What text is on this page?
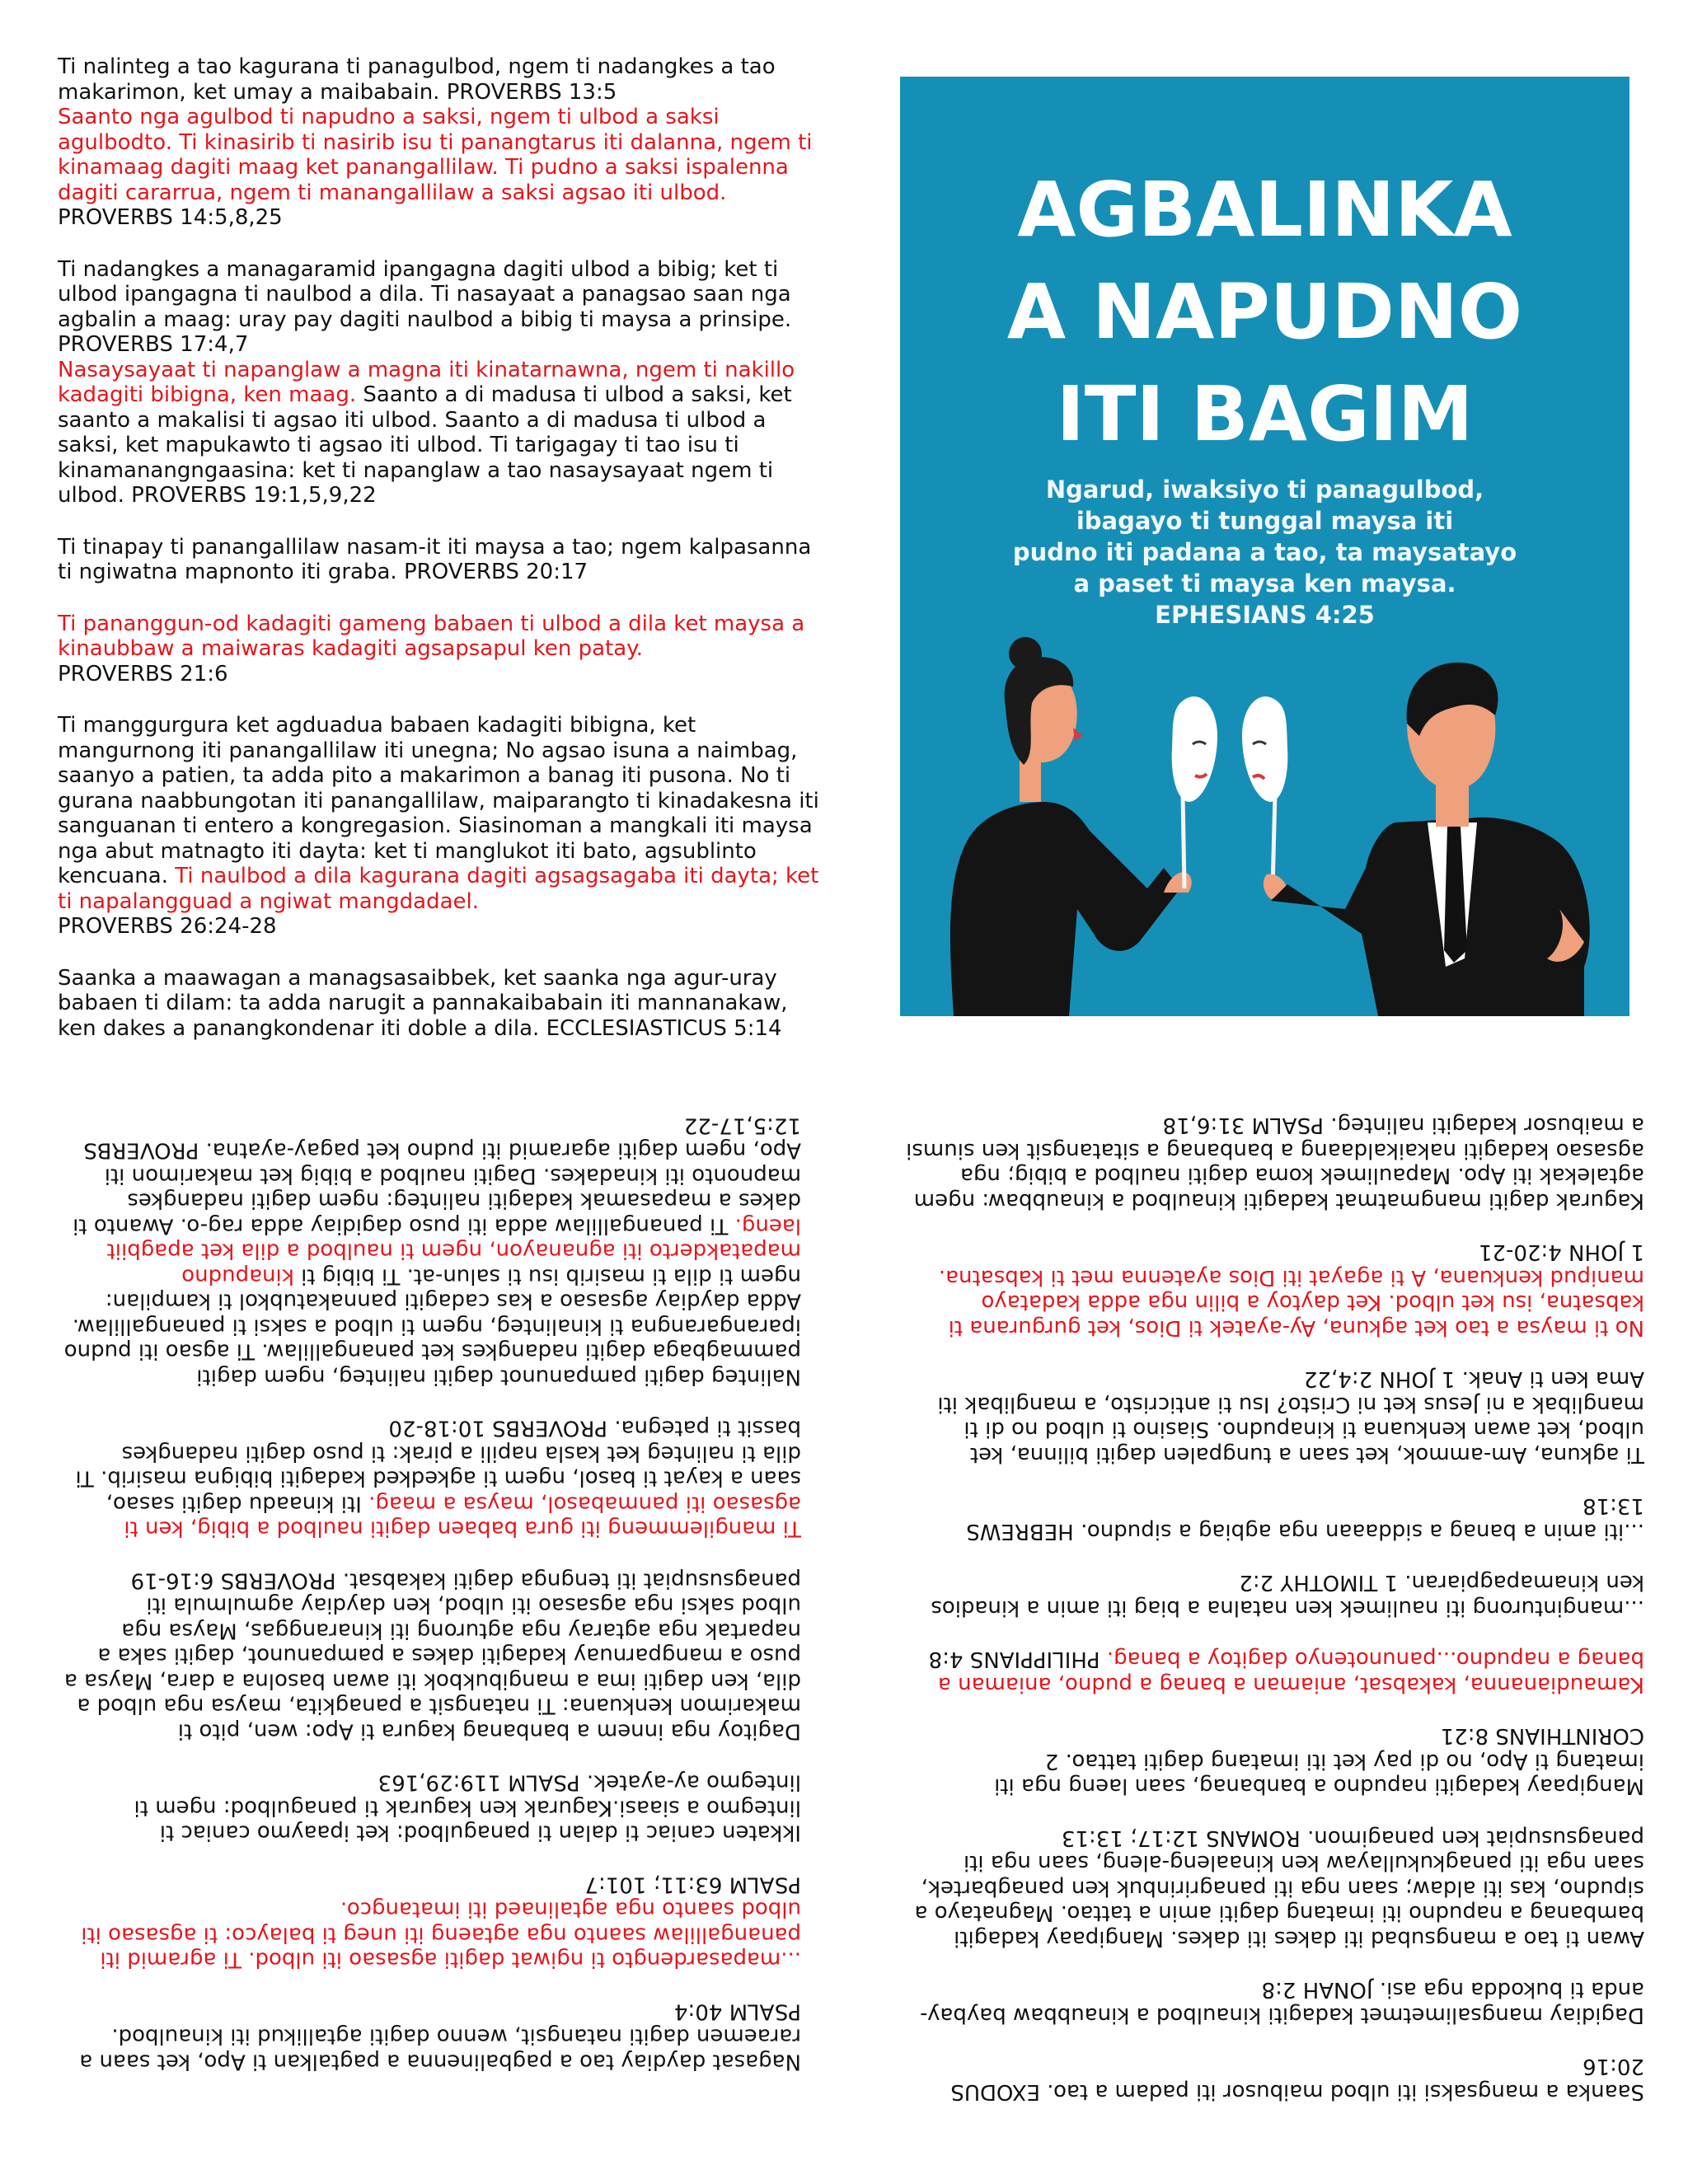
Ti nalinteg a tao kagurana ti panagulbod, ngem ti nadangkes a tao makarimon, ket umay a maibabain. PROVERBS 13:5
Saanto nga agulbod ti napudno a saksi, ngem ti ulbod a saksi agulbodto. Ti kinasirib ti nasirib isu ti panangtarus iti dalanna, ngem ti kinamaag dagiti maag ket panangallilaw. Ti pudno a saksi ispalenna dagiti cararrua, ngem ti manangallilaw a saksi agsao iti ulbod. PROVERBS 14:5,8,25

Ti nadangkes a managaramid ipangagna dagiti ulbod a bibig; ket ti ulbod ipangagna ti naulbod a dila. Ti nasayaat a panagsao saan nga agbalin a maag: uray pay dagiti naulbod a bibig ti maysa a prinsipe. PROVERBS 17:4,7
Nasaysayaat ti napanglaw a magna iti kinatarnawna, ngem ti nakillo kadagiti bibigna, ken maag. Saanto a di madusa ti ulbod a saksi, ket saanto a makalisi ti agsao iti ulbod. Saanto a di madusa ti ulbod a saksi, ket mapukawto ti agsao iti ulbod. Ti tarigagay ti tao isu ti kinamanangngaasina: ket ti napanglaw a tao nasaysayaat ngem ti ulbod. PROVERBS 19:1,5,9,22

Ti tinapay ti panangallilaw nasam-it iti maysa a tao; ngem kalpasanna ti ngiwatna mapnonto iti graba. PROVERBS 20:17

Ti pananggun-od kadagiti gameng babaen ti ulbod a dila ket maysa a kinaubbaw a maiwaras kadagiti agsapsapul ken patay.
PROVERBS 21:6

Ti manggurgura ket agduadua babaen kadagiti bibigna, ket mangurnong iti panangallilaw iti unegna; No agsao isuna a naimbag, saanyo a patien, ta adda pito a makarimon a banag iti pusona. No ti gurana naabbungotan iti panangallilaw, maiparangto ti kinadakesna iti sanguanan ti entero a kongregasion. Siasinoman a mangkali iti maysa nga abut matnagto iti dayta: ket ti manglukot iti bato, agsublinto kencuana. Ti naulbod a dila kagurana dagiti agsagsagaba iti dayta; ket ti napalangguad a ngiwat mangdadael.
PROVERBS 26:24-28

Saanka a maawagan a managsasaibbek, ket saanka nga agur-uray babaen ti dilam: ta adda narugit a pannakaibabain iti mannanakaw, ken dakes a panangkondenar iti doble a dila. ECCLESIASTICUS 5:14

AGBALINKA
A NAPUDNO
ITI BAGIM
Ngarud, iwaksiyo ti panagulbod,
ibagayo ti tunggal maysa iti
pudno iti padana a tao, ta maysatayo
a paset ti maysa ken maysa.
EPHESIANS 4:25

Saanka a mangsaksi iti ulbod maibusor iti padam a tao. EXODUS 20:16

Dagidiay mangsalimetmet kadagiti kinaulbod a kinaubbaw baybay-anda ti bukodda nga asi. JONAH 2:8

Awan ti tao a mangsubad iti dakes iti dakes. Mangipaay kadagiti bambanag a napudno iti imatang dagiti amin a tattao. Magnatayo a sipudno, kas iti aldaw; saan nga iti panagririnbuk ken panagbartek, saan nga iti panagkukullayaw ken kinaaleng-aleng, saan nga iti panagsusupiat ken panagimon. ROMANS 12:17; 13:13

Mangipaay kadagiti napudno a banbanag, saan laeng nga iti imatang ti Apo, no di pay ket iti imatang dagiti tattao. 2 CORINTHIANS 8:21

Kamaudiananna, kakabsat, aniaman a banag a pudno, aniaman a banag a napudno...panunotenyo dagitoy a banag. PHILIPPIANS 4:8

...manginturong iti naulimek ken natalna a biag iti amin a kinadios ken kinamapagpiaran. 1 TIMOTHY 2:2

...iti amin a banag a siddaaan nga agbiag a sipudno. HEBREWS 13:18

Ti agkuna, Am-ammok, ket saan a tungpalen dagiti bilinna, ket ulbod, ket awan kenkuana ti kinapudno. Siasino ti ulbod no di ti manglibak a ni Jesus ket ni Cristo? Isu ti anticristo, a manglibak iti Ama ken ti Anak. 1 JOHN 2:4,22

No ti maysa a tao ket agkuna, Ay-ayatek ti Dios, ket gurgurana ti kabsatna, isu ket ulbod. Ket daytoy a bilin nga adda kadatayo manipud kenkuana, A ti agayat iti Dios ayatenna met ti kabsatna.
1 JOHN 4:20-21

Kagurak dagiti mangmatmat kadagiti kinaulbod a kinaubbaw: ngem agtalekak iti Apo. Mapaulimek koma dagiti naulbod a bibig; nga agsasao kadagiti nakaikaldaang a banbanag a sitatangsit ken siumsi a maibusor kadagiti nalinteg. PSALM 31:6,18

Nagasat daydiay tao a pagbalinenna a pagtalkan ti Apo, ket saan a raraemen dagiti natangsit, wenno dagiti agtallikud iti kinaulbod. PSALM 40:4

...mapasardengto ti ngiwat dagiti agsasao iti ulbod. Ti agramid iti panangallilaw saanto nga agtaeng iti uneg ti balayco: ti agsasao iti ulbod saanto nga agtalinaed iti imatangco.
PSALM 63:11; 101:7

Ikkaten caniac ti dalan ti panagulbod: ket ipaaymo caniac ti lintegmo a siaasi.Kagurak ken kagurak ti panagulbod: ngem ti lintegmo ay-ayatek. PSALM 119:29,163

Dagitoy nga innem a banbanag kagura ti Apo: wen, pito ti makarimon kenkuana: Ti natangsit a panagkita, maysa nga ulbod a dila, ken dagiti ima a mangibukbok iti awan basolna a dara, Maysa a puso a mangparnuay kadagiti dakes a pampanunot, dagiti saka a napartak nga agtaray nga agturong iti kinaranggas, Maysa nga ulbod saksi nga agsasao iti ulbod, ken daydiay agmulmula iti panagsusupiat iti tengnga dagiti kakabsat. PROVERBS 6:16-19

Ti mangilemmeng iti gura babaen dagiti naulbod a bibig, ken ti agsasao iti panmabasol, maysa a maag. Iti kinaadu dagiti sasao, saan a kayat ti basol, ngem ti agkedked kadagiti bibigna masirib. Ti dila ti nalinteg ket kasla napili a pirak: ti puso dagiti nadangkes bassit ti pategna. PROVERBS 10:18-20

Nalinteg dagiti pampanunot dagiti nalinteg, ngem dagiti pammagbaga dagiti nadangkes ket panangallilaw. Ti agsao iti pudno iparangarangna ti kinalinteg, ngem ti ulbod a saksi ti panangallilaw. Adda daydiay agsasao a kas cadagiti pannakatubkol ti kampilan: ngem ti dila ti masirib isu ti salun-at. Ti bibig ti kinapudno mapatakderto iti agnanayon, ngem ti naulbod a dila ket apagbiit laeng. Ti panangallilaw adda iti puso dagidiay adda rag-o. Awanto ti dakes a mapasamak kadagiti nalinteg: ngem dagiti nadangkes mapnonto iti kinadakes. Dagiti naulbod a bibig ket makarimon iti Apo, ngem dagiti agaramid iti pudno ket pagay-ayatna. PROVERBS 12:5,17-22
